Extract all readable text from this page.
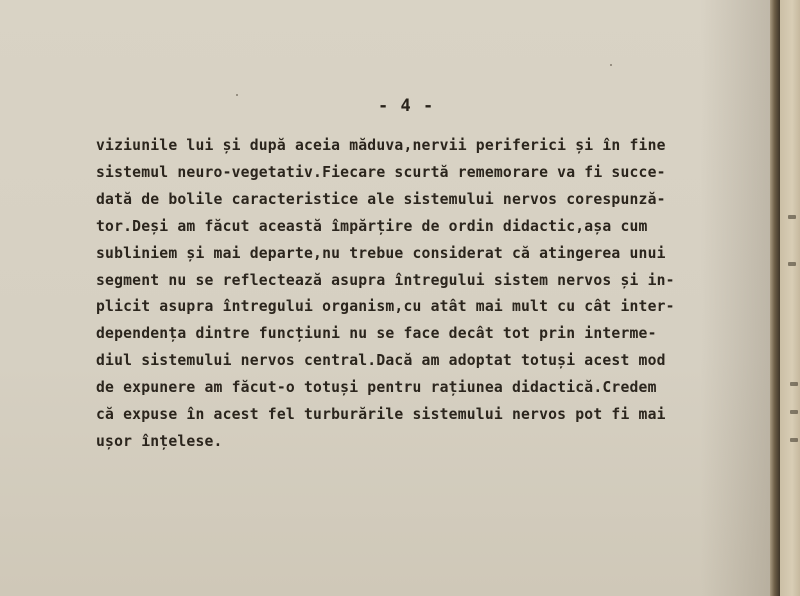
- 4 -

viziunile lui și după aceia măduva,nervii periferici și în fine
sistemul neuro-vegetativ.Fiecare scurtă rememorare va fi succe-
dată de bolile caracteristice ale sistemului nervos corespunză-
tor.Deși am făcut această împărțire de ordin didactic,așa cum
subliniem și mai departe,nu trebue considerat că atingerea unui
segment nu se reflectează asupra întregului sistem nervos și in-
plicit asupra întregului organism,cu atât mai mult cu cât inter-
dependența dintre funcțiuni nu se face decât tot prin interme-
diul sistemului nervos central.Dacă am adoptat totuși acest mod
de expunere am făcut-o totuși pentru rațiunea didactică.Credem
că expuse în acest fel turburările sistemului nervos pot fi mai
ușor înțelese.
